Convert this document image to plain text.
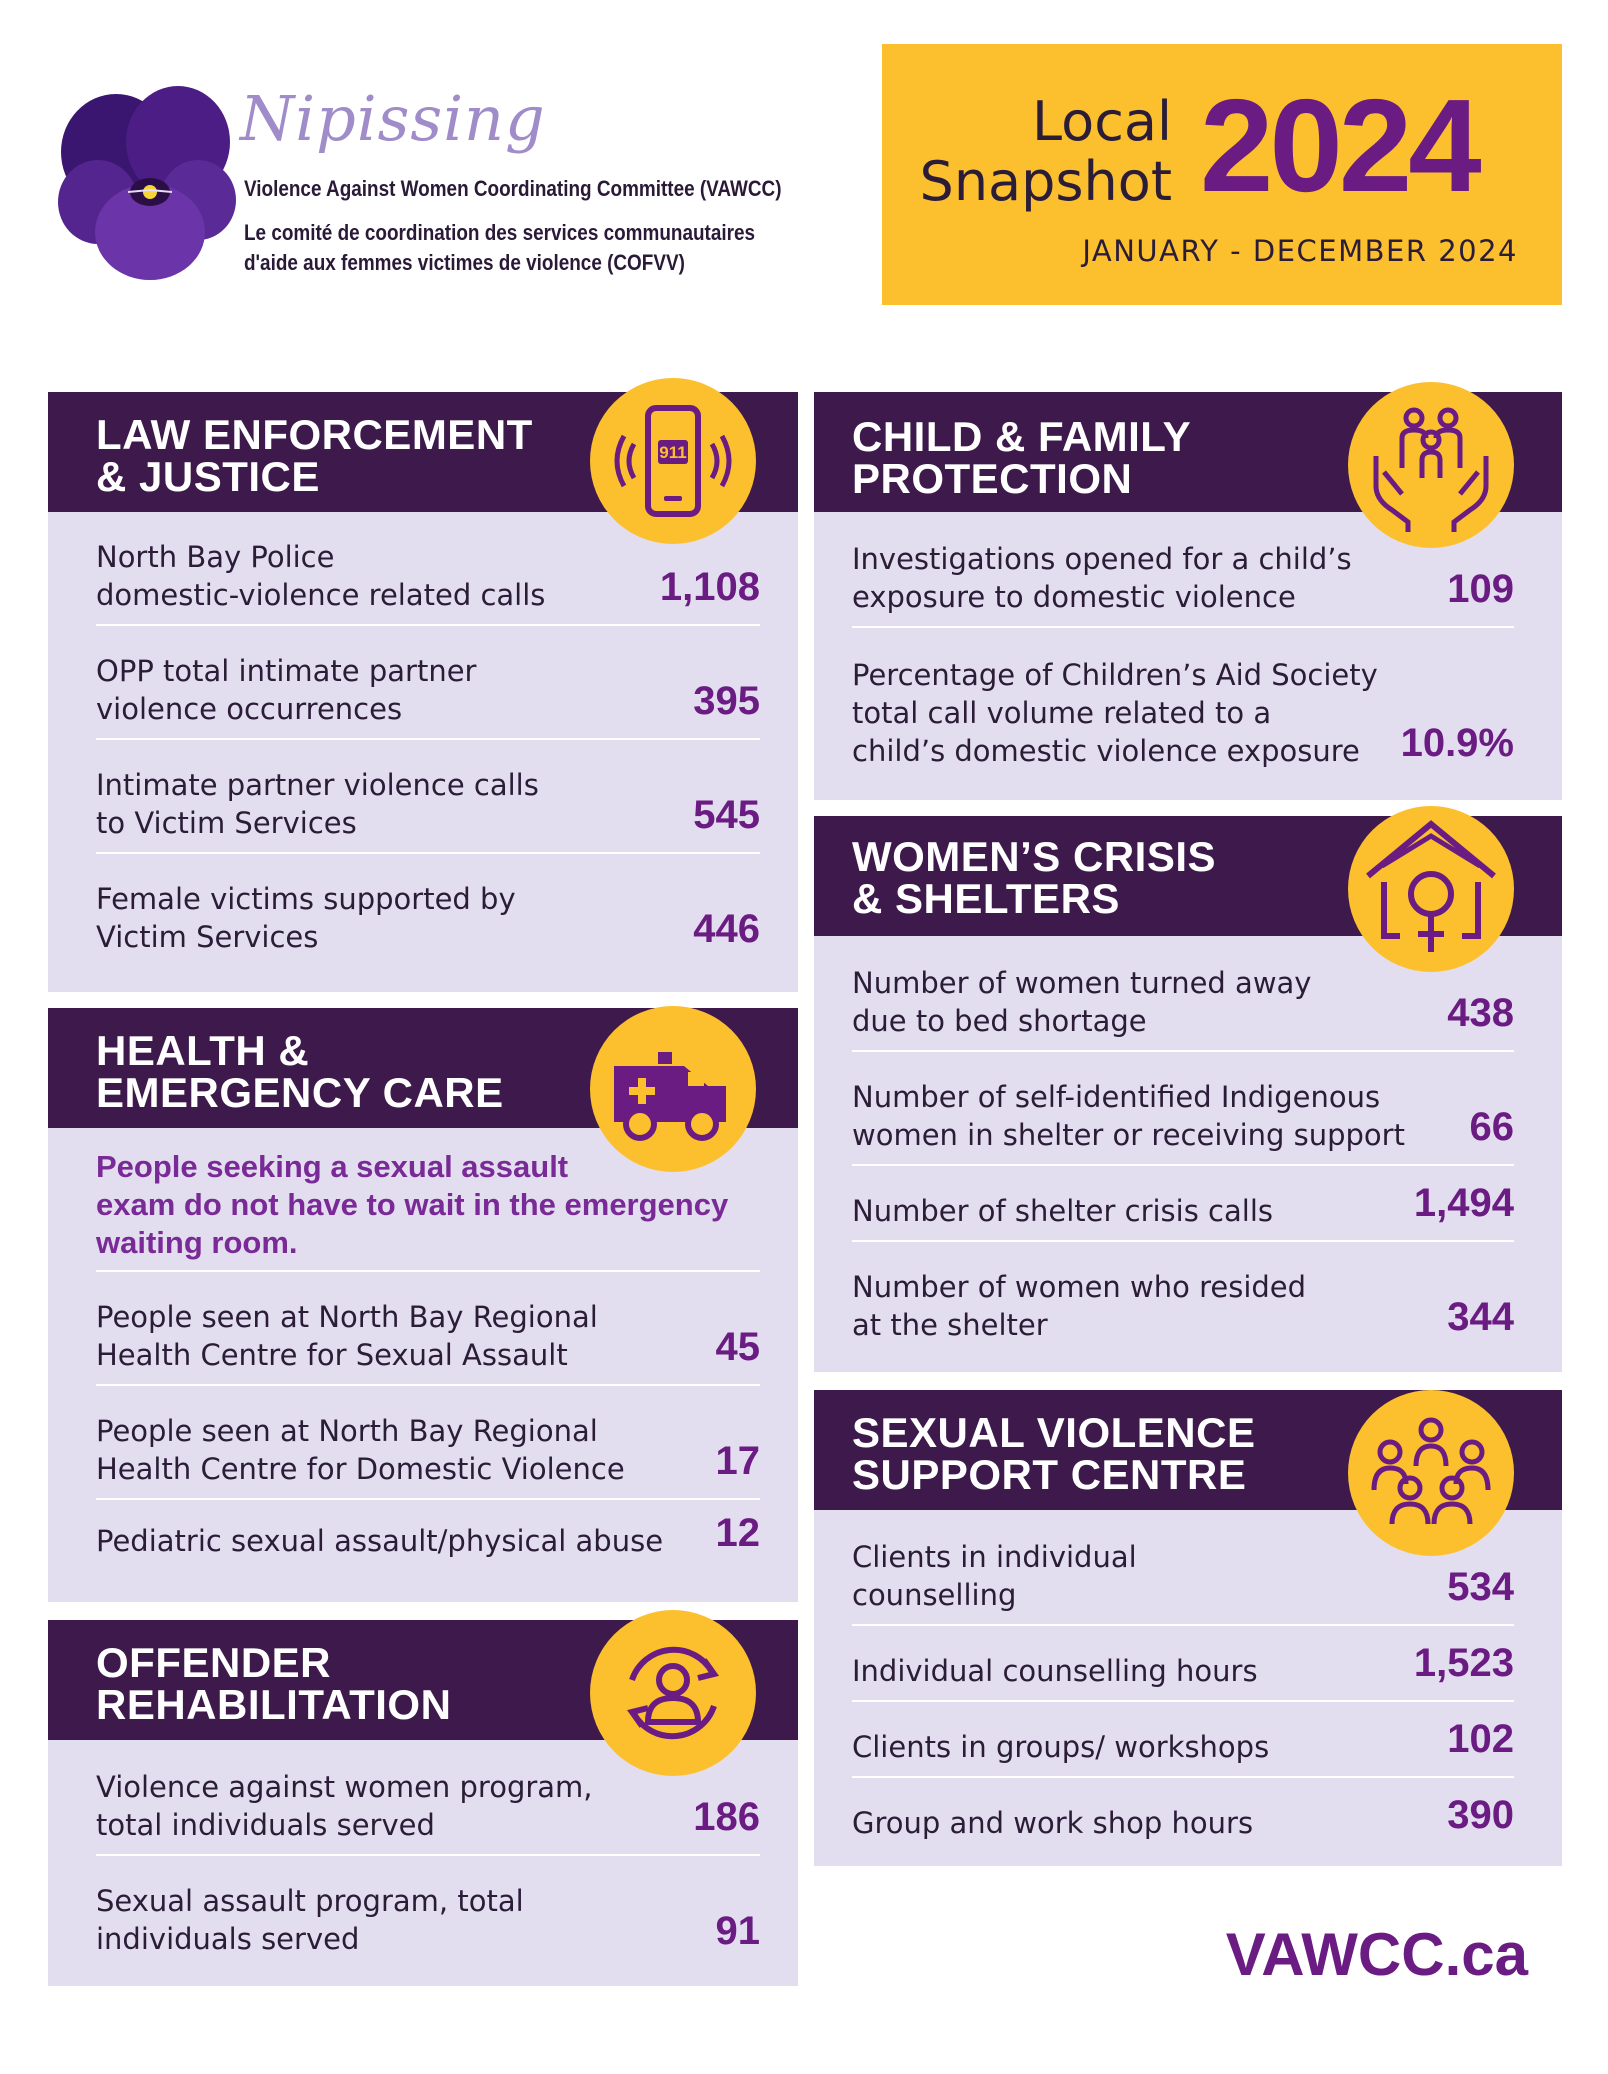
Nipissing
Violence Against Women Coordinating Committee (VAWCC)
Le comité de coordination des services communautaires
d'aide aux femmes victimes de violence (COFVV)
Local
Snapshot 2024
JANUARY - DECEMBER 2024
LAW ENFORCEMENT
& JUSTICE
911
North Bay Police
domestic-violence related calls	1,108
OPP total intimate partner
violence occurrences	395
Intimate partner violence calls
to Victim Services	545
Female victims supported by
Victim Services	446
HEALTH &
EMERGENCY CARE
People seeking a sexual assault
exam do not have to wait in the emergency
waiting room.
People seen at North Bay Regional
Health Centre for Sexual Assault	45
People seen at North Bay Regional
Health Centre for Domestic Violence 17
Pediatric sexual assault/physical abuse 12
OFFENDER
REHABILITATION
Violence against women program,
total individuals served	186
Sexual assault program, total
individuals served	91
CHILD & FAMILY
PROTECTION
Investigations opened for a child’s
exposure to domestic violence	109
Percentage of Children’s Aid Society
total call volume related to a
child’s domestic violence exposure	10.9%
WOMEN’S CRISIS
& SHELTERS
Number of women turned away
due to bed shortage	438
Number of self-identified Indigenous
women in shelter or receiving support 66
Number of shelter crisis calls	1,494
Number of women who resided
at the shelter	344
SEXUAL VIOLENCE
SUPPORT CENTRE
Clients in individual
counselling	534
Individual counselling hours	1,523
Clients in groups/ workshops	102
Group and work shop hours	390
VAWCC.ca
